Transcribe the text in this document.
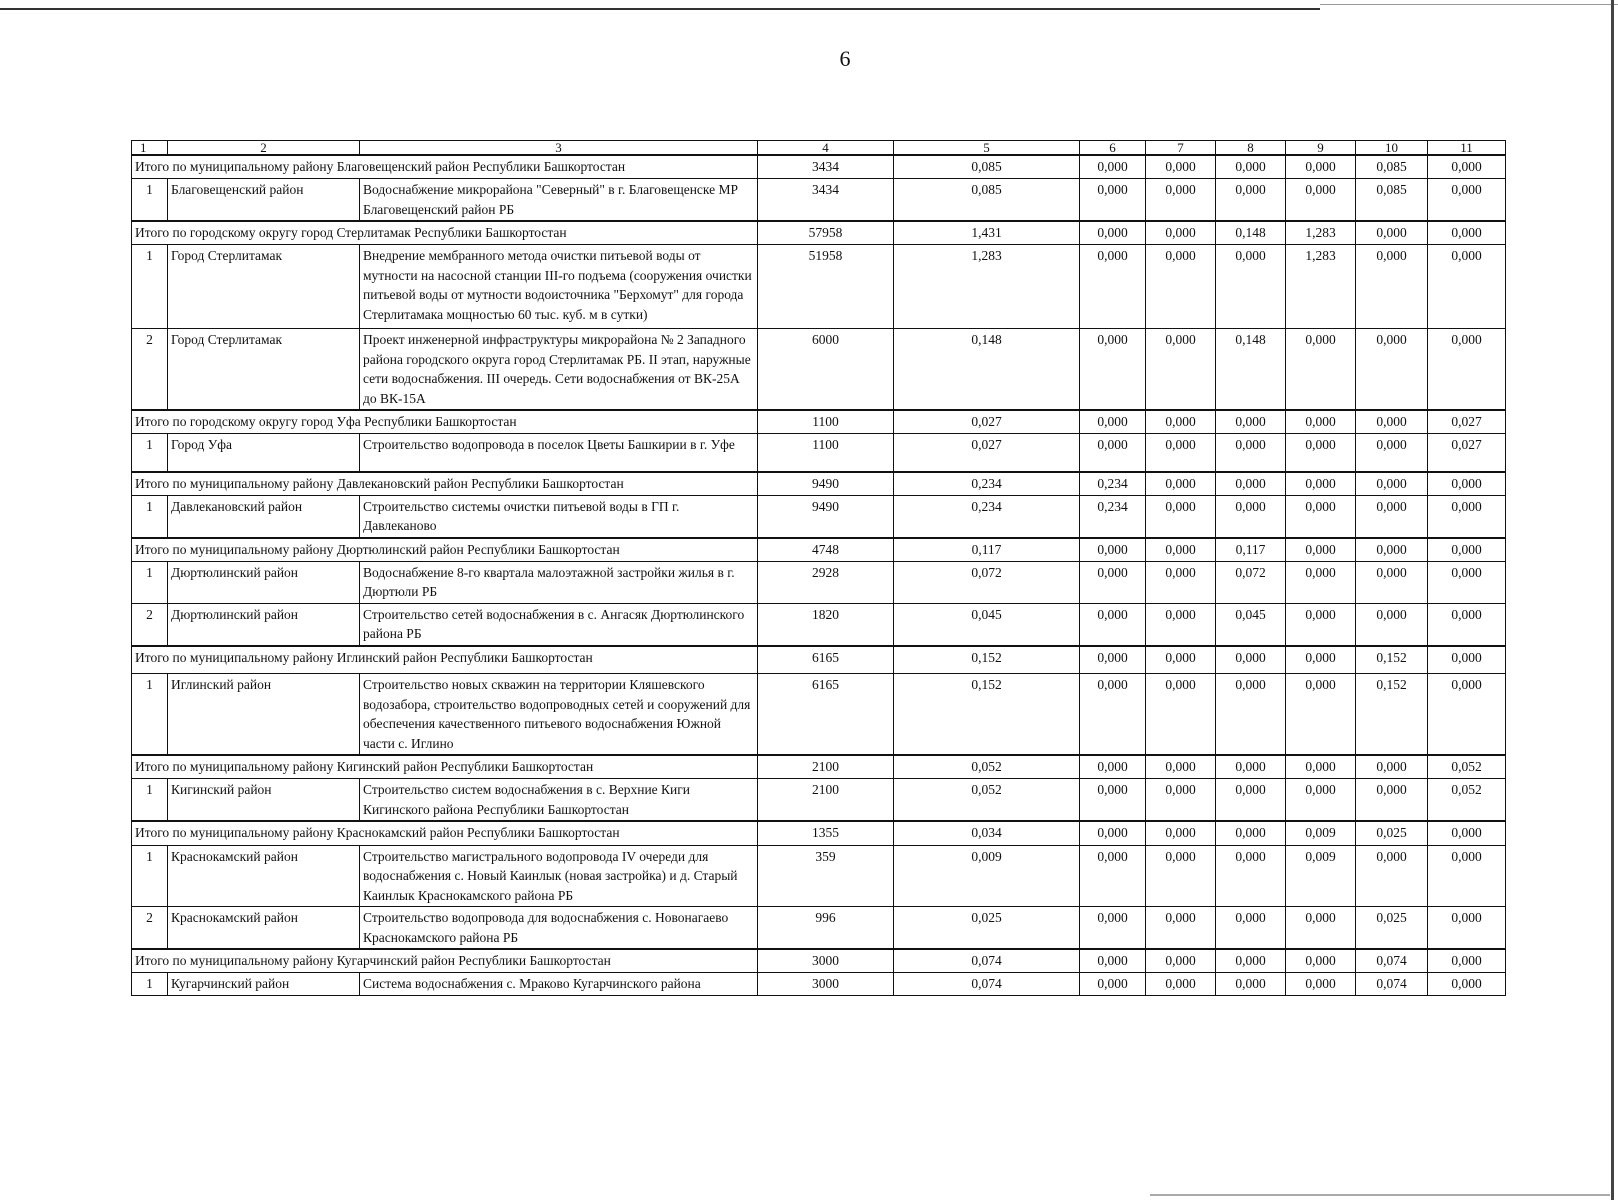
6
1	2	3	4	5	6	7	8	9	10	11
Итого по муниципальному району Благовещенский район Республики Башкортостан			3434	0,085	0,000	0,000	0,000	0,000	0,085	0,000
1	Благовещенский район	Водоснабжение микрорайона "Северный" в г. Благовещенске МР Благовещенский район РБ	3434	0,085	0,000	0,000	0,000	0,000	0,085	0,000
Итого по городскому округу город Стерлитамак Республики Башкортостан			57958	1,431	0,000	0,000	0,148	1,283	0,000	0,000
1	Город Стерлитамак	Внедрение мембранного метода очистки питьевой воды от мутности на насосной станции III-го подъема (сооружения очистки питьевой воды от мутности водоисточника "Берхомут" для города Стерлитамака мощностью 60 тыс. куб. м в сутки)	51958	1,283	0,000	0,000	0,000	1,283	0,000	0,000
2	Город Стерлитамак	Проект инженерной инфраструктуры микрорайона № 2 Западного района городского округа город Стерлитамак РБ. II этап, наружные сети водоснабжения. III очередь. Сети водоснабжения от ВК-25А до ВК-15А	6000	0,148	0,000	0,000	0,148	0,000	0,000	0,000
Итого по городскому округу город Уфа Республики Башкортостан			1100	0,027	0,000	0,000	0,000	0,000	0,000	0,027
1	Город Уфа	Строительство водопровода в поселок Цветы Башкирии в г. Уфе	1100	0,027	0,000	0,000	0,000	0,000	0,000	0,027
Итого по муниципальному району Давлекановский район Республики Башкортостан			9490	0,234	0,234	0,000	0,000	0,000	0,000	0,000
1	Давлекановский район	Строительство системы очистки питьевой воды в ГП г. Давлеканово	9490	0,234	0,234	0,000	0,000	0,000	0,000	0,000
Итого по муниципальному району Дюртюлинский район Республики Башкортостан			4748	0,117	0,000	0,000	0,117	0,000	0,000	0,000
1	Дюртюлинский район	Водоснабжение 8-го квартала малоэтажной застройки жилья в г. Дюртюли РБ	2928	0,072	0,000	0,000	0,072	0,000	0,000	0,000
2	Дюртюлинский район	Строительство сетей водоснабжения в с. Ангасяк Дюртюлинского района РБ	1820	0,045	0,000	0,000	0,045	0,000	0,000	0,000
Итого по муниципальному району Иглинский район Республики Башкортостан			6165	0,152	0,000	0,000	0,000	0,000	0,152	0,000
1	Иглинский район	Строительство новых скважин на территории Кляшевского водозабора, строительство водопроводных сетей и сооружений для обеспечения качественного питьевого водоснабжения Южной части с. Иглино	6165	0,152	0,000	0,000	0,000	0,000	0,152	0,000
Итого по муниципальному району Кигинский район Республики Башкортостан			2100	0,052	0,000	0,000	0,000	0,000	0,000	0,052
1	Кигинский район	Строительство систем водоснабжения в с. Верхние Киги Кигинского района Республики Башкортостан	2100	0,052	0,000	0,000	0,000	0,000	0,000	0,052
Итого по муниципальному району Краснокамский район Республики Башкортостан			1355	0,034	0,000	0,000	0,000	0,009	0,025	0,000
1	Краснокамский район	Строительство магистрального водопровода IV очереди для водоснабжения с. Новый Каинлык (новая застройка) и д. Старый Каинлык Краснокамского района РБ	359	0,009	0,000	0,000	0,000	0,009	0,000	0,000
2	Краснокамский район	Строительство водопровода для водоснабжения с. Новонагаево Краснокамского района РБ	996	0,025	0,000	0,000	0,000	0,000	0,025	0,000
Итого по муниципальному району Кугарчинский район Республики Башкортостан			3000	0,074	0,000	0,000	0,000	0,000	0,074	0,000
1	Кугарчинский район	Система водоснабжения с. Мраково Кугарчинского района	3000	0,074	0,000	0,000	0,000	0,000	0,074	0,000
